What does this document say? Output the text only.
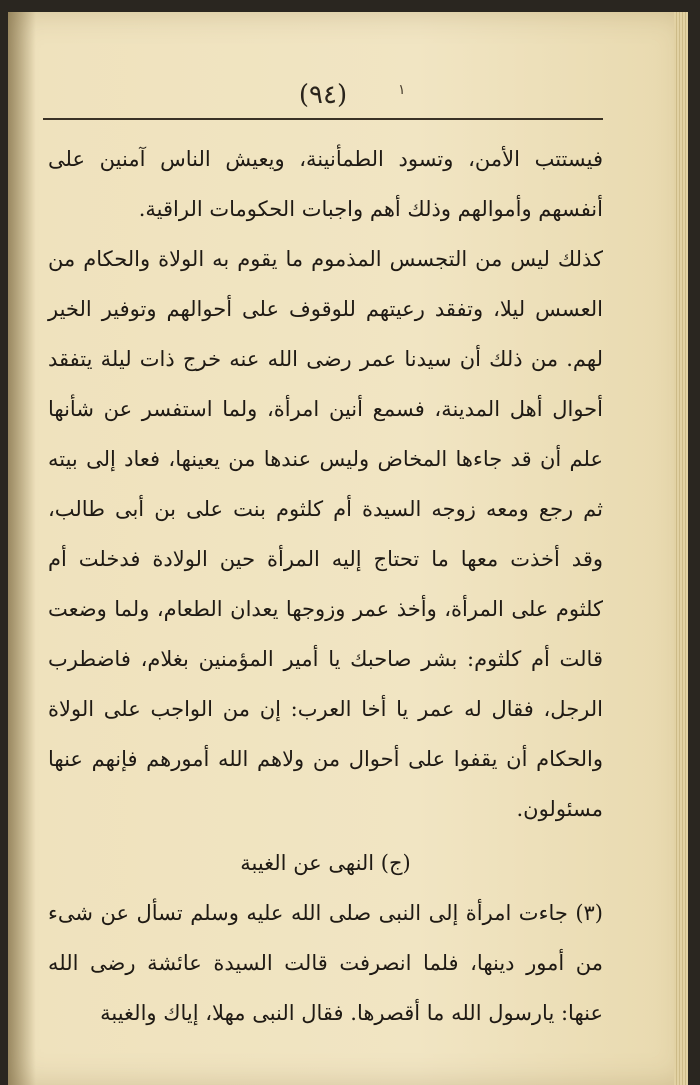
(٩٤)	١

فيستتب الأمن، وتسود الطمأنينة، ويعيش الناس آمنين على أنفسهم وأموالهم وذلك أهم واجبات الحكومات الراقية.

كذلك ليس من التجسس المذموم ما يقوم به الولاة والحكام من العسس ليلا، وتفقد رعيتهم للوقوف على أحوالهم وتوفير الخير لهم. من ذلك أن سيدنا عمر رضى الله عنه خرج ذات ليلة يتفقد أحوال أهل المدينة، فسمع أنين امرأة، ولما استفسر عن شأنها علم أن قد جاءها المخاض وليس عندها من يعينها، فعاد إلى بيته ثم رجع ومعه زوجه السيدة أم كلثوم بنت على بن أبى طالب، وقد أخذت معها ما تحتاج إليه المرأة حين الولادة فدخلت أم كلثوم على المرأة، وأخذ عمر وزوجها يعدان الطعام، ولما وضعت قالت أم كلثوم: بشر صاحبك يا أمير المؤمنين بغلام، فاضطرب الرجل، فقال له عمر يا أخا العرب: إن من الواجب على الولاة والحكام أن يقفوا على أحوال من ولاهم الله أمورهم فإنهم عنها مسئولون.

(ج) النهى عن الغيبة

(٣) جاءت امرأة إلى النبى صلى الله عليه وسلم تسأل عن شىء من أمور دينها، فلما انصرفت قالت السيدة عائشة رضى الله عنها: يارسول الله ما أقصرها. فقال النبى مهلا، إياك والغيبة
